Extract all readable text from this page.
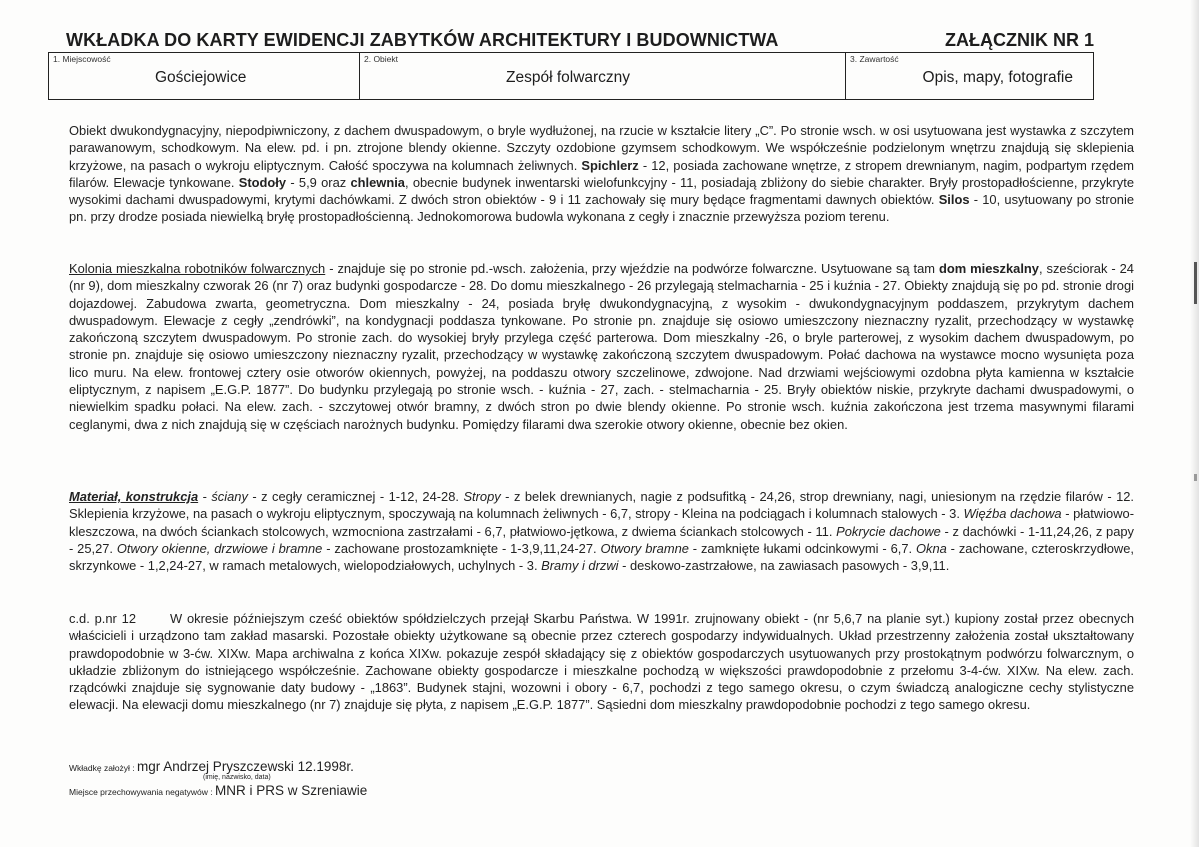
WKŁADKA DO KARTY EWIDENCJI ZABYTKÓW ARCHITEKTURY I BUDOWNICTWA	ZAŁĄCZNIK NR 1
1. Miejscowość
Gościejowice
2. Obiekt
Zespół folwarczny
3. Zawartość
Opis, mapy, fotografie
Obiekt dwukondygnacyjny, niepodpiwniczony, z dachem dwuspadowym, o bryle wydłużonej, na rzucie w kształcie litery „C”. Po stronie wsch. w osi usytuowana jest wystawka z szczytem parawanowym, schodkowym. Na elew. pd. i pn. ztrojone blendy okienne. Szczyty ozdobione gzymsem schodkowym. We współcześnie podzielonym wnętrzu znajdują się sklepienia krzyżowe, na pasach o wykroju eliptycznym. Całość spoczywa na kolumnach żeliwnych. Spichlerz - 12, posiada zachowane wnętrze, z stropem drewnianym, nagim, podpartym rzędem filarów. Elewacje tynkowane. Stodoły - 5,9 oraz chlewnia, obecnie budynek inwentarski wielofunkcyjny - 11, posiadają zbliżony do siebie charakter. Bryły prostopadłościenne, przykryte wysokimi dachami dwuspadowymi, krytymi dachówkami. Z dwóch stron obiektów - 9 i 11 zachowały się mury będące fragmentami dawnych obiektów. Silos - 10, usytuowany po stronie pn. przy drodze posiada niewielką bryłę prostopadłościenną. Jednokomorowa budowla wykonana z cegły i znacznie przewyższa poziom terenu.
Kolonia mieszkalna robotników folwarcznych - znajduje się po stronie pd.-wsch. założenia, przy wjeździe na podwórze folwarczne. Usytuowane są tam dom mieszkalny, sześciorak - 24 (nr 9), dom mieszkalny czworak 26 (nr 7) oraz budynki gospodarcze - 28. Do domu mieszkalnego - 26 przylegają stelmacharnia - 25 i kuźnia - 27. Obiekty znajdują się po pd. stronie drogi dojazdowej. Zabudowa zwarta, geometryczna. Dom mieszkalny - 24, posiada bryłę dwukondygnacyjną, z wysokim - dwukondygnacyjnym poddaszem, przykrytym dachem dwuspadowym. Elewacje z cegły „zendrówki”, na kondygnacji poddasza tynkowane. Po stronie pn. znajduje się osiowo umieszczony nieznaczny ryzalit, przechodzący w wystawkę zakończoną szczytem dwuspadowym. Po stronie zach. do wysokiej bryły przylega część parterowa. Dom mieszkalny -26, o bryle parterowej, z wysokim dachem dwuspadowym, po stronie pn. znajduje się osiowo umieszczony nieznaczny ryzalit, przechodzący w wystawkę zakończoną szczytem dwuspadowym. Połać dachowa na wystawce mocno wysunięta poza lico muru. Na elew. frontowej cztery osie otworów okiennych, powyżej, na poddaszu otwory szczelinowe, zdwojone. Nad drzwiami wejściowymi ozdobna płyta kamienna w kształcie eliptycznym, z napisem „E.G.P. 1877”. Do budynku przylegają po stronie wsch. - kuźnia - 27, zach. - stelmacharnia - 25. Bryły obiektów niskie, przykryte dachami dwuspadowymi, o niewielkim spadku połaci. Na elew. zach. - szczytowej otwór bramny, z dwóch stron po dwie blendy okienne. Po stronie wsch. kuźnia zakończona jest trzema masywnymi filarami ceglanymi, dwa z nich znajdują się w częściach narożnych budynku. Pomiędzy filarami dwa szerokie otwory okienne, obecnie bez okien.
Materiał, konstrukcja - ściany - z cegły ceramicznej - 1-12, 24-28. Stropy - z belek drewnianych, nagie z podsufitką - 24,26, strop drewniany, nagi, uniesionym na rzędzie filarów - 12. Sklepienia krzyżowe, na pasach o wykroju eliptycznym, spoczywają na kolumnach żeliwnych - 6,7, stropy - Kleina na podciągach i kolumnach stalowych - 3. Więźba dachowa - płatwiowo-kleszczowa, na dwóch ściankach stolcowych, wzmocniona zastrzałami - 6,7, płatwiowo-jętkowa, z dwiema ściankach stolcowych - 11. Pokrycie dachowe - z dachówki - 1-11,24,26, z papy - 25,27. Otwory okienne, drzwiowe i bramne - zachowane prostozamknięte - 1-3,9,11,24-27. Otwory bramne - zamknięte łukami odcinkowymi - 6,7. Okna - zachowane, czteroskrzydłowe, skrzynkowe - 1,2,24-27, w ramach metalowych, wielopodziałowych, uchylnych - 3. Bramy i drzwi - deskowo-zastrzałowe, na zawiasach pasowych - 3,9,11.
c.d. p.nr 12	W okresie późniejszym cześć obiektów spółdzielczych przejął Skarbu Państwa. W 1991r. zrujnowany obiekt - (nr 5,6,7 na planie syt.) kupiony został przez obecnych właścicieli i urządzono tam zakład masarski. Pozostałe obiekty użytkowane są obecnie przez czterech gospodarzy indywidualnych. Układ przestrzenny założenia został ukształtowany prawdopodobnie w 3-ćw. XIXw. Mapa archiwalna z końca XIXw. pokazuje zespół składający się z obiektów gospodarczych usytuowanych przy prostokątnym podwórzu folwarcznym, o układzie zbliżonym do istniejącego współcześnie. Zachowane obiekty gospodarcze i mieszkalne pochodzą w większości prawdopodobnie z przełomu 3-4-ćw. XIXw. Na elew. zach. rządcówki znajduje się sygnowanie daty budowy - „1863”. Budynek stajni, wozowni i obory - 6,7, pochodzi z tego samego okresu, o czym świadczą analogiczne cechy stylistyczne elewacji. Na elewacji domu mieszkalnego (nr 7) znajduje się płyta, z napisem „E.G.P. 1877”. Sąsiedni dom mieszkalny prawdopodobnie pochodzi z tego samego okresu.
Wkładkę założył : mgr Andrzej Pryszczewski 12.1998r.
(imię, nazwisko, data)
Miejsce przechowywania negatywów : MNR i PRS w Szreniawie
